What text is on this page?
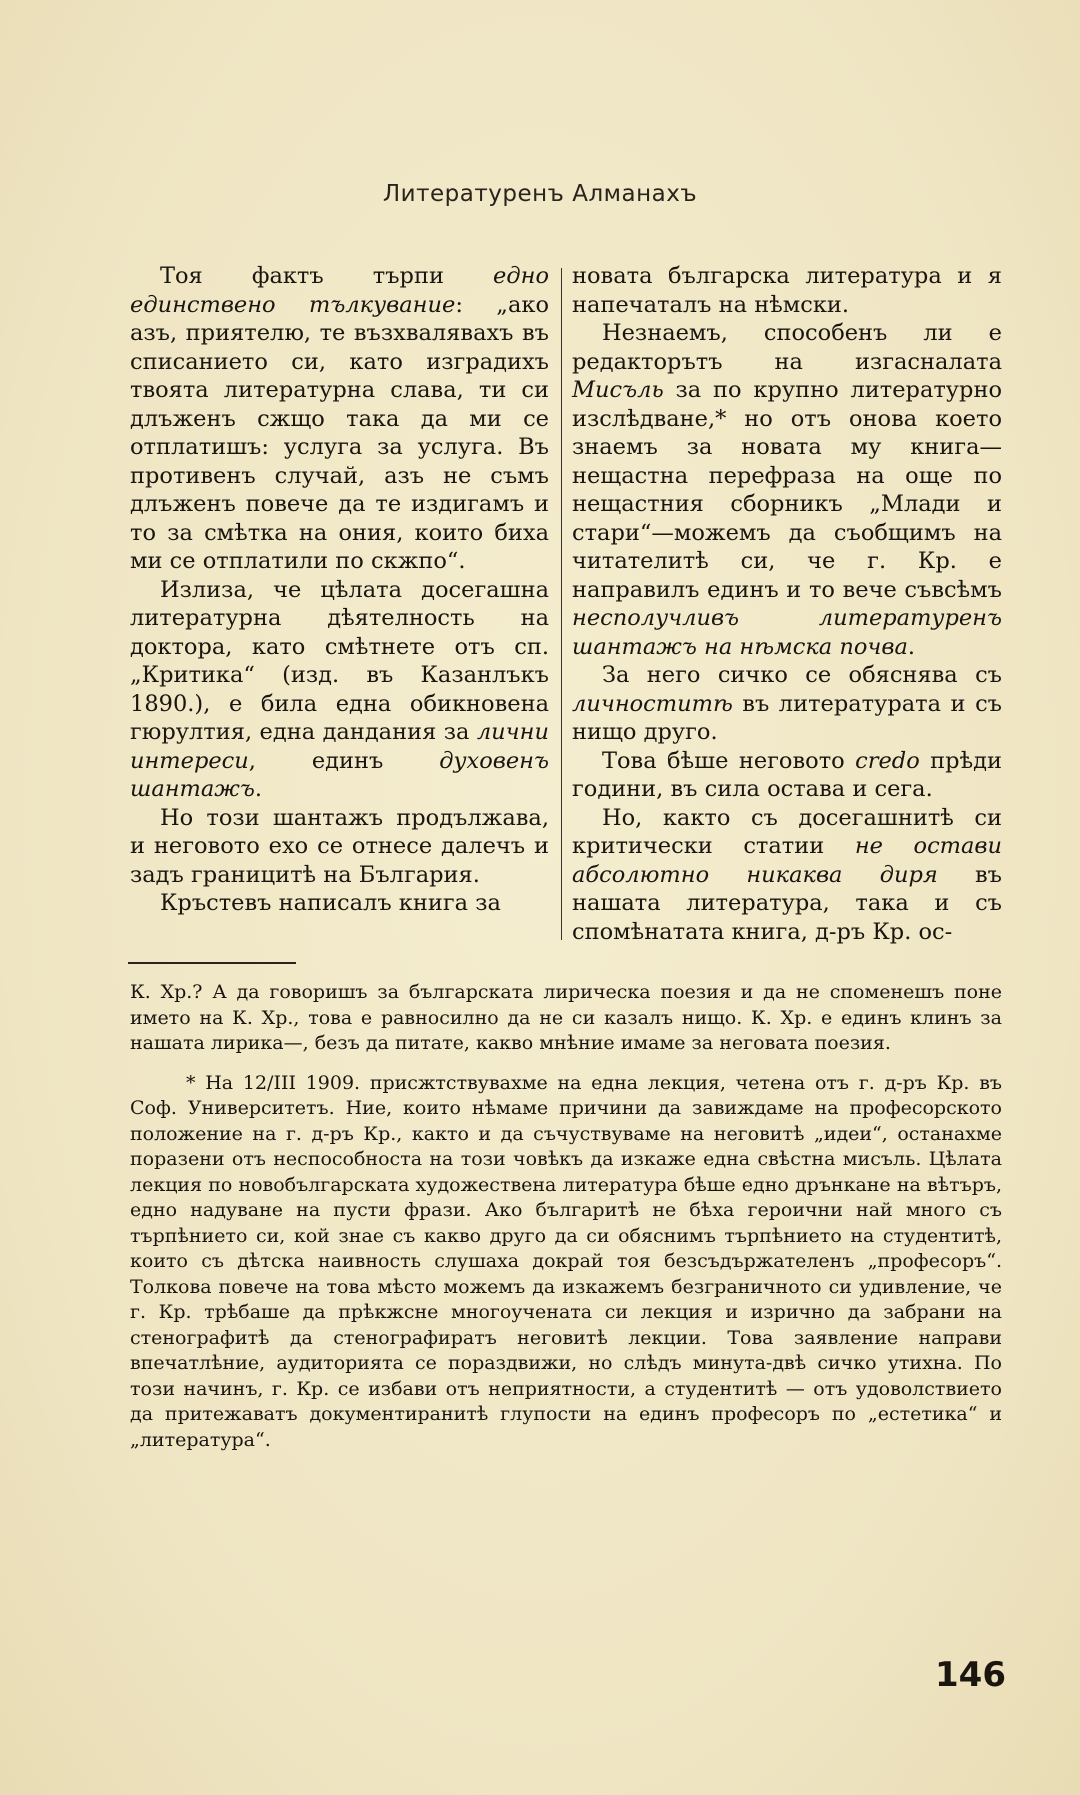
Литературенъ Алманахъ

Тоя фактъ търпи едно единствено тълкувание: „ако азъ, приятелю, те възхвалявахъ въ списанието си, като изградихъ твоята литературна слава, ти си длъженъ сжщо така да ми се отплатишъ: услуга за услуга. Въ противенъ случай, азъ не съмъ длъженъ повече да те издигамъ и то за смѣтка на ония, които биха ми се отплатили по скжпо“.

Излиза, че цѣлата досегашна литературна дѣятелность на доктора, като смѣтнете отъ сп. „Критика“ (изд. въ Казанлъкъ 1890.), е била една обикновена гюрултия, една дандания за лични интереси, единъ духовенъ шантажъ.

Но този шантажъ продължава, и неговото ехо се отнесе далечъ и задъ границитѣ на България.

Кръстевъ написалъ книга за

новата българска литература и я напечаталъ на нѣмски.

Незнаемъ, способенъ ли е редакторътъ на изгасналата Мисъль за по крупно литературно изслѣдване,* но отъ онова което знаемъ за новата му книга—нещастна перефраза на още по нещастния сборникъ „Млади и стари“—можемъ да съобщимъ на читателитѣ си, че г. Кр. е направилъ единъ и то вече съвсѣмъ несполучливъ литературенъ шантажъ на нѣмска почва.

За него сичко се обяснява съ личноститѣ въ литературата и съ нищо друго.

Това бѣше неговото credo прѣди години, въ сила остава и сега.

Но, както съ досегашнитѣ си критически статии не остави абсолютно никаква диря въ нашата литература, така и съ спомѣнатата книга, д-ръ Кр. ос-

К. Хр.? А да говоришъ за българската лирическа поезия и да не споменешъ поне името на К. Хр., това е равносилно да не си казалъ нищо. К. Хр. е единъ клинъ за нашата лирика—, безъ да питате, какво мнѣние имаме за неговата поезия.

* На 12/III 1909. присжтствувахме на една лекция, четена отъ г. д-ръ Кр. въ Соф. Университетъ. Ние, които нѣмаме причини да завиждаме на професорското положение на г. д-ръ Кр., както и да съчуствуваме на неговитѣ „идеи“, останахме поразени отъ неспособноста на този човѣкъ да изкаже една свѣстна мисъль. Цѣлата лекция по новобългарската художествена литература бѣше едно дрънкане на вѣтъръ, едно надуване на пусти фрази. Ако българитѣ не бѣха героични най много съ търпѣнието си, кой знае съ какво друго да си обяснимъ търпѣнието на студентитѣ, които съ дѣтска наивность слушаха докрай тоя безсъдържателенъ „професоръ“. Толкова повече на това мѣсто можемъ да изкажемъ безграничното си удивление, че г. Кр. трѣбаше да прѣкжсне многоучената си лекция и изрично да забрани на стенографитѣ да стенографиратъ неговитѣ лекции. Това заявление направи впечатлѣние, аудиторията се пораздвижи, но слѣдъ минута-двѣ сичко утихна. По този начинъ, г. Кр. се избави отъ неприятности, а студентитѣ — отъ удоволствието да притежаватъ документиранитѣ глупости на единъ професоръ по „естетика“ и „литература“.

146
